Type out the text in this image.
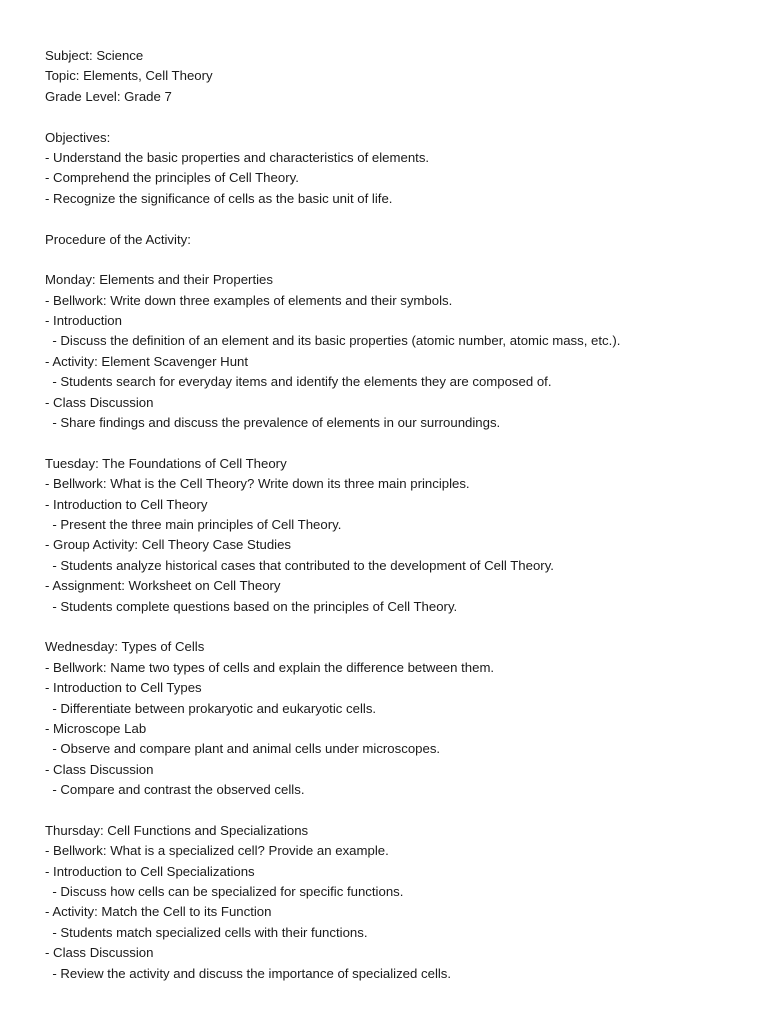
Subject: Science
Topic: Elements, Cell Theory
Grade Level: Grade 7
Objectives:
- Understand the basic properties and characteristics of elements.
- Comprehend the principles of Cell Theory.
- Recognize the significance of cells as the basic unit of life.
Procedure of the Activity:
Monday: Elements and their Properties
- Bellwork: Write down three examples of elements and their symbols.
- Introduction
- Discuss the definition of an element and its basic properties (atomic number, atomic mass, etc.).
- Activity: Element Scavenger Hunt
- Students search for everyday items and identify the elements they are composed of.
- Class Discussion
- Share findings and discuss the prevalence of elements in our surroundings.
Tuesday: The Foundations of Cell Theory
- Bellwork: What is the Cell Theory? Write down its three main principles.
- Introduction to Cell Theory
- Present the three main principles of Cell Theory.
- Group Activity: Cell Theory Case Studies
- Students analyze historical cases that contributed to the development of Cell Theory.
- Assignment: Worksheet on Cell Theory
- Students complete questions based on the principles of Cell Theory.
Wednesday: Types of Cells
- Bellwork: Name two types of cells and explain the difference between them.
- Introduction to Cell Types
- Differentiate between prokaryotic and eukaryotic cells.
- Microscope Lab
- Observe and compare plant and animal cells under microscopes.
- Class Discussion
- Compare and contrast the observed cells.
Thursday: Cell Functions and Specializations
- Bellwork: What is a specialized cell? Provide an example.
- Introduction to Cell Specializations
- Discuss how cells can be specialized for specific functions.
- Activity: Match the Cell to its Function
- Students match specialized cells with their functions.
- Class Discussion
- Review the activity and discuss the importance of specialized cells.
